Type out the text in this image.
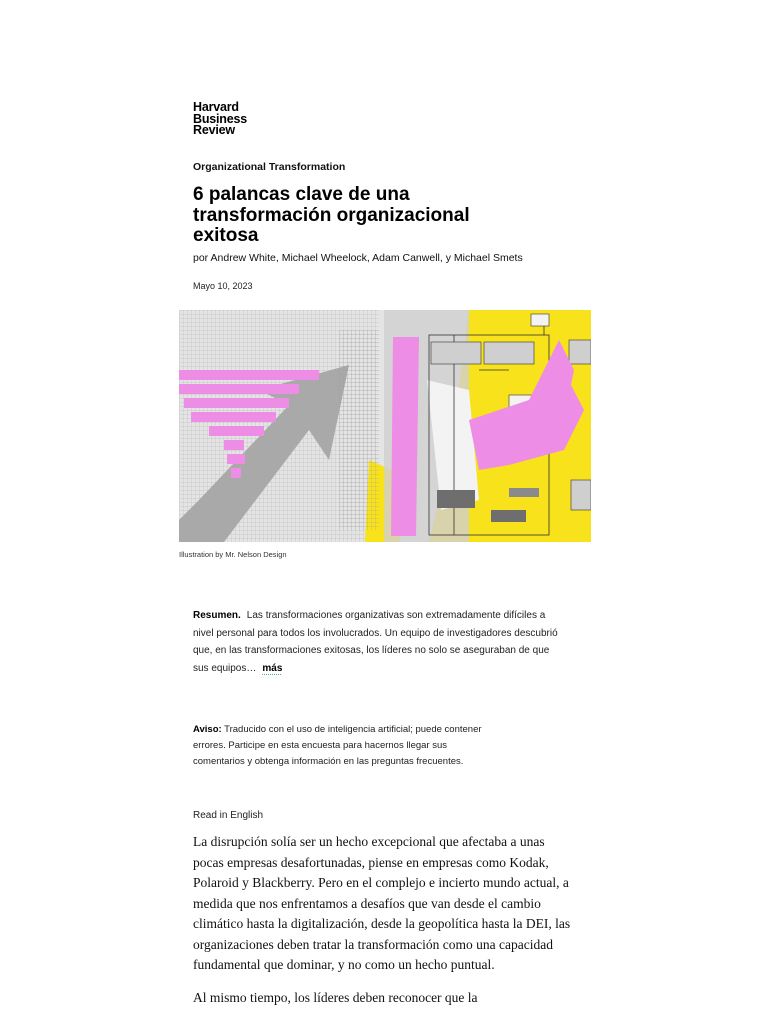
Harvard
Business
Review
Organizational Transformation
6 palancas clave de una transformación organizacional exitosa
por Andrew White, Michael Wheelock, Adam Canwell, y Michael Smets
Mayo 10, 2023
Illustration by Mr. Nelson Design
Resumen. Las transformaciones organizativas son extremadamente difíciles a nivel personal para todos los involucrados. Un equipo de investigadores descubrió que, en las transformaciones exitosas, los líderes no solo se aseguraban de que sus equipos… más
Aviso: Traducido con el uso de inteligencia artificial; puede contener errores. Participe en esta encuesta para hacernos llegar sus comentarios y obtenga información en las preguntas frecuentes.
Read in English

La disrupción solía ser un hecho excepcional que afectaba a unas pocas empresas desafortunadas, piense en empresas como Kodak, Polaroid y Blackberry. Pero en el complejo e incierto mundo actual, a medida que nos enfrentamos a desafíos que van desde el cambio climático hasta la digitalización, desde la geopolítica hasta la DEI, las organizaciones deben tratar la transformación como una capacidad fundamental que dominar, y no como un hecho puntual.

Al mismo tiempo, los líderes deben reconocer que la
